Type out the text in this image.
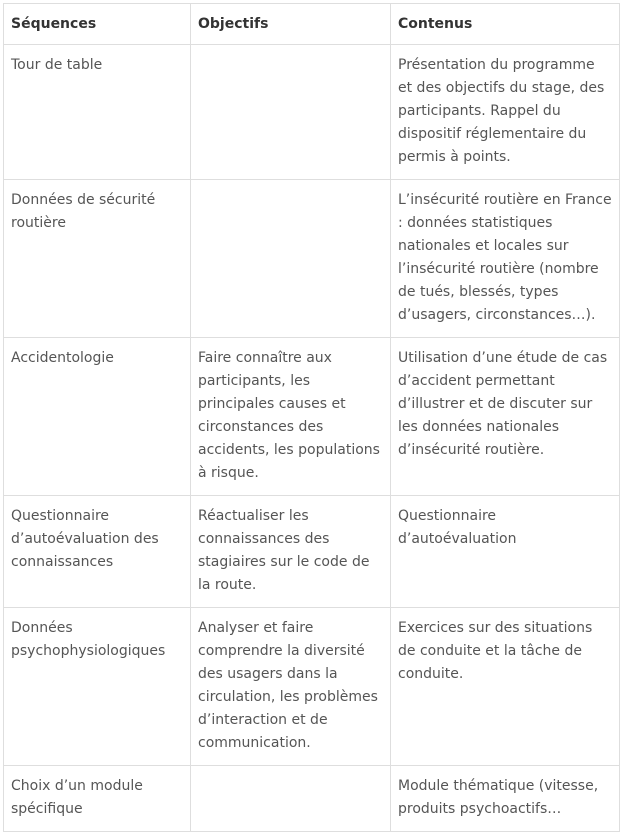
Séquences	Objectifs	Contenus
Tour de table		Présentation du programme et des objectifs du stage, des participants. Rappel du dispositif réglementaire du permis à points.
Données de sécurité routière		L’insécurité routière en France : données statistiques nationales et locales sur l’insécurité routière (nombre de tués, blessés, types d’usagers, circonstances…).
Accidentologie	Faire connaître aux participants, les principales causes et circonstances des accidents, les populations à risque.	Utilisation d’une étude de cas d’accident permettant d’illustrer et de discuter sur les données nationales d’insécurité routière.
Questionnaire d’autoévaluation des connaissances	Réactualiser les connaissances des stagiaires sur le code de la route.	Questionnaire d’autoévaluation
Données psychophysiologiques	Analyser et faire comprendre la diversité des usagers dans la circulation, les problèmes d’interaction et de communication.	Exercices sur des situations de conduite et la tâche de conduite.
Choix d’un module spécifique		Module thématique (vitesse, produits psychoactifs…
